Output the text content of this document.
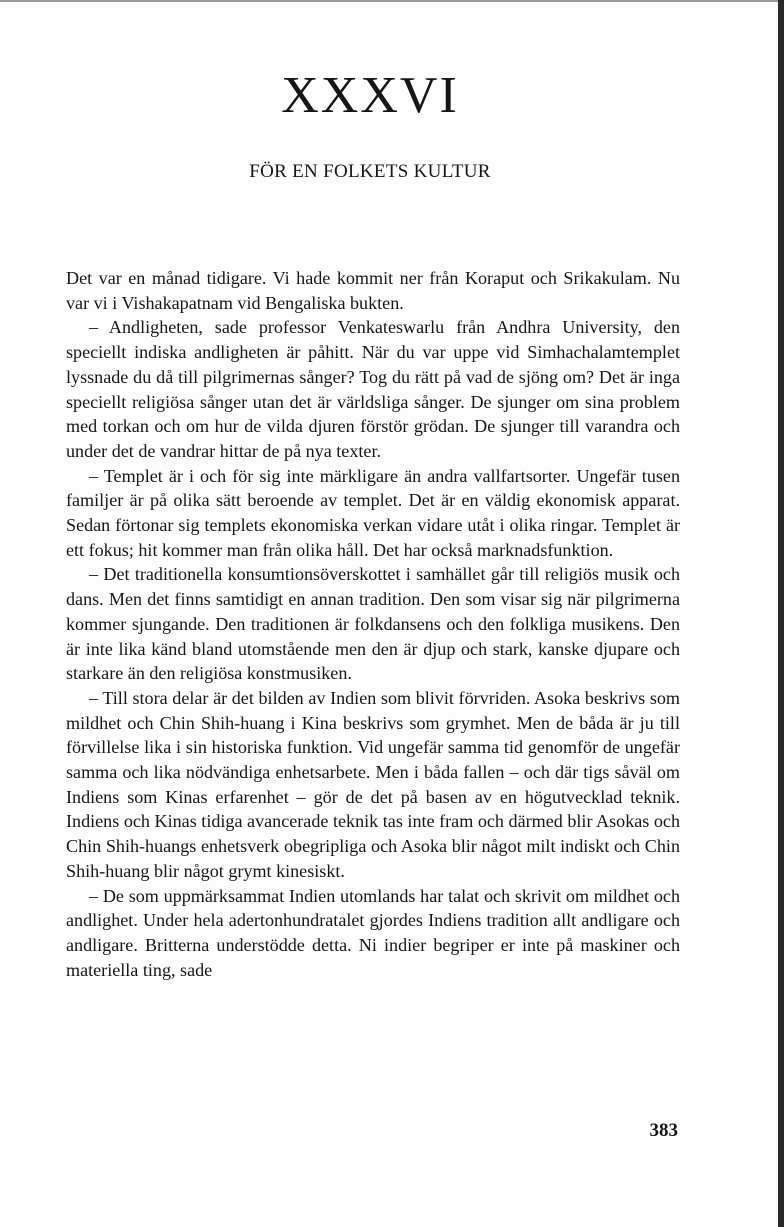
XXXVI
FÖR EN FOLKETS KULTUR

Det var en månad tidigare. Vi hade kommit ner från Koraput och Srikakulam. Nu var vi i Vishakapatnam vid Bengaliska bukten.

– Andligheten, sade professor Venkateswarlu från Andhra University, den speciellt indiska andligheten är påhitt. När du var uppe vid Simhachalamtemplet lyssnade du då till pilgrimernas sånger? Tog du rätt på vad de sjöng om? Det är inga speciellt religiösa sånger utan det är världsliga sånger. De sjunger om sina problem med torkan och om hur de vilda djuren förstör grödan. De sjunger till varandra och under det de vandrar hittar de på nya texter.

– Templet är i och för sig inte märkligare än andra vallfartsorter. Ungefär tusen familjer är på olika sätt beroende av templet. Det är en väldig ekonomisk apparat. Sedan förtonar sig templets ekonomiska verkan vidare utåt i olika ringar. Templet är ett fokus; hit kommer man från olika håll. Det har också marknadsfunktion.

– Det traditionella konsumtionsöverskottet i samhället går till religiös musik och dans. Men det finns samtidigt en annan tradition. Den som visar sig när pilgrimerna kommer sjungande. Den traditionen är folkdansens och den folkliga musikens. Den är inte lika känd bland utomstående men den är djup och stark, kanske djupare och starkare än den religiösa konstmusiken.

– Till stora delar är det bilden av Indien som blivit förvriden. Asoka beskrivs som mildhet och Chin Shih-huang i Kina beskrivs som grymhet. Men de båda är ju till förvillelse lika i sin historiska funktion. Vid ungefär samma tid genomför de ungefär samma och lika nödvändiga enhetsarbete. Men i båda fallen – och där tigs såväl om Indiens som Kinas erfarenhet – gör de det på basen av en högutvecklad teknik. Indiens och Kinas tidiga avancerade teknik tas inte fram och därmed blir Asokas och Chin Shih-huangs enhetsverk obegripliga och Asoka blir något milt indiskt och Chin Shih-huang blir något grymt kinesiskt.

– De som uppmärksammat Indien utomlands har talat och skrivit om mildhet och andlighet. Under hela adertonhundratalet gjordes Indiens tradition allt andligare och andligare. Britterna understödde detta. Ni indier begriper er inte på maskiner och materiella ting, sade

383
